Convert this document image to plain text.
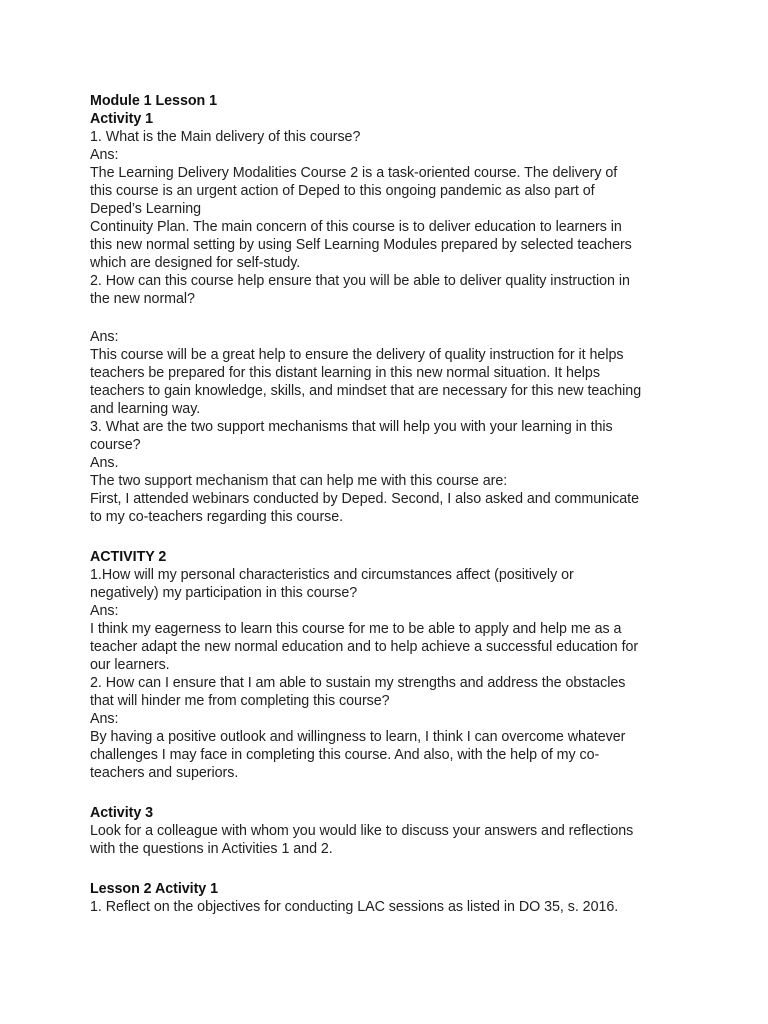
Module 1 Lesson 1
Activity 1
1. What is the Main delivery of this course?
Ans:
The Learning Delivery Modalities Course 2 is a task-oriented course. The delivery of
this course is an urgent action of Deped to this ongoing pandemic as also part of
Deped’s Learning
Continuity Plan. The main concern of this course is to deliver education to learners in
this new normal setting by using Self Learning Modules prepared by selected teachers
which are designed for self-study.
2. How can this course help ensure that you will be able to deliver quality instruction in
the new normal?
Ans:
This course will be a great help to ensure the delivery of quality instruction for it helps
teachers be prepared for this distant learning in this new normal situation. It helps
teachers to gain knowledge, skills, and mindset that are necessary for this new teaching
and learning way.
3. What are the two support mechanisms that will help you with your learning in this
course?
Ans.
The two support mechanism that can help me with this course are:
First, I attended webinars conducted by Deped. Second, I also asked and communicate
to my co-teachers regarding this course.
ACTIVITY 2
1.How will my personal characteristics and circumstances affect (positively or
negatively) my participation in this course?
Ans:
I think my eagerness to learn this course for me to be able to apply and help me as a
teacher adapt the new normal education and to help achieve a successful education for
our learners.
2. How can I ensure that I am able to sustain my strengths and address the obstacles
that will hinder me from completing this course?
Ans:
By having a positive outlook and willingness to learn, I think I can overcome whatever
challenges I may face in completing this course. And also, with the help of my co-
teachers and superiors.
Activity 3
Look for a colleague with whom you would like to discuss your answers and reflections
with the questions in Activities 1 and 2.
Lesson 2 Activity 1
1. Reflect on the objectives for conducting LAC sessions as listed in DO 35, s. 2016.
